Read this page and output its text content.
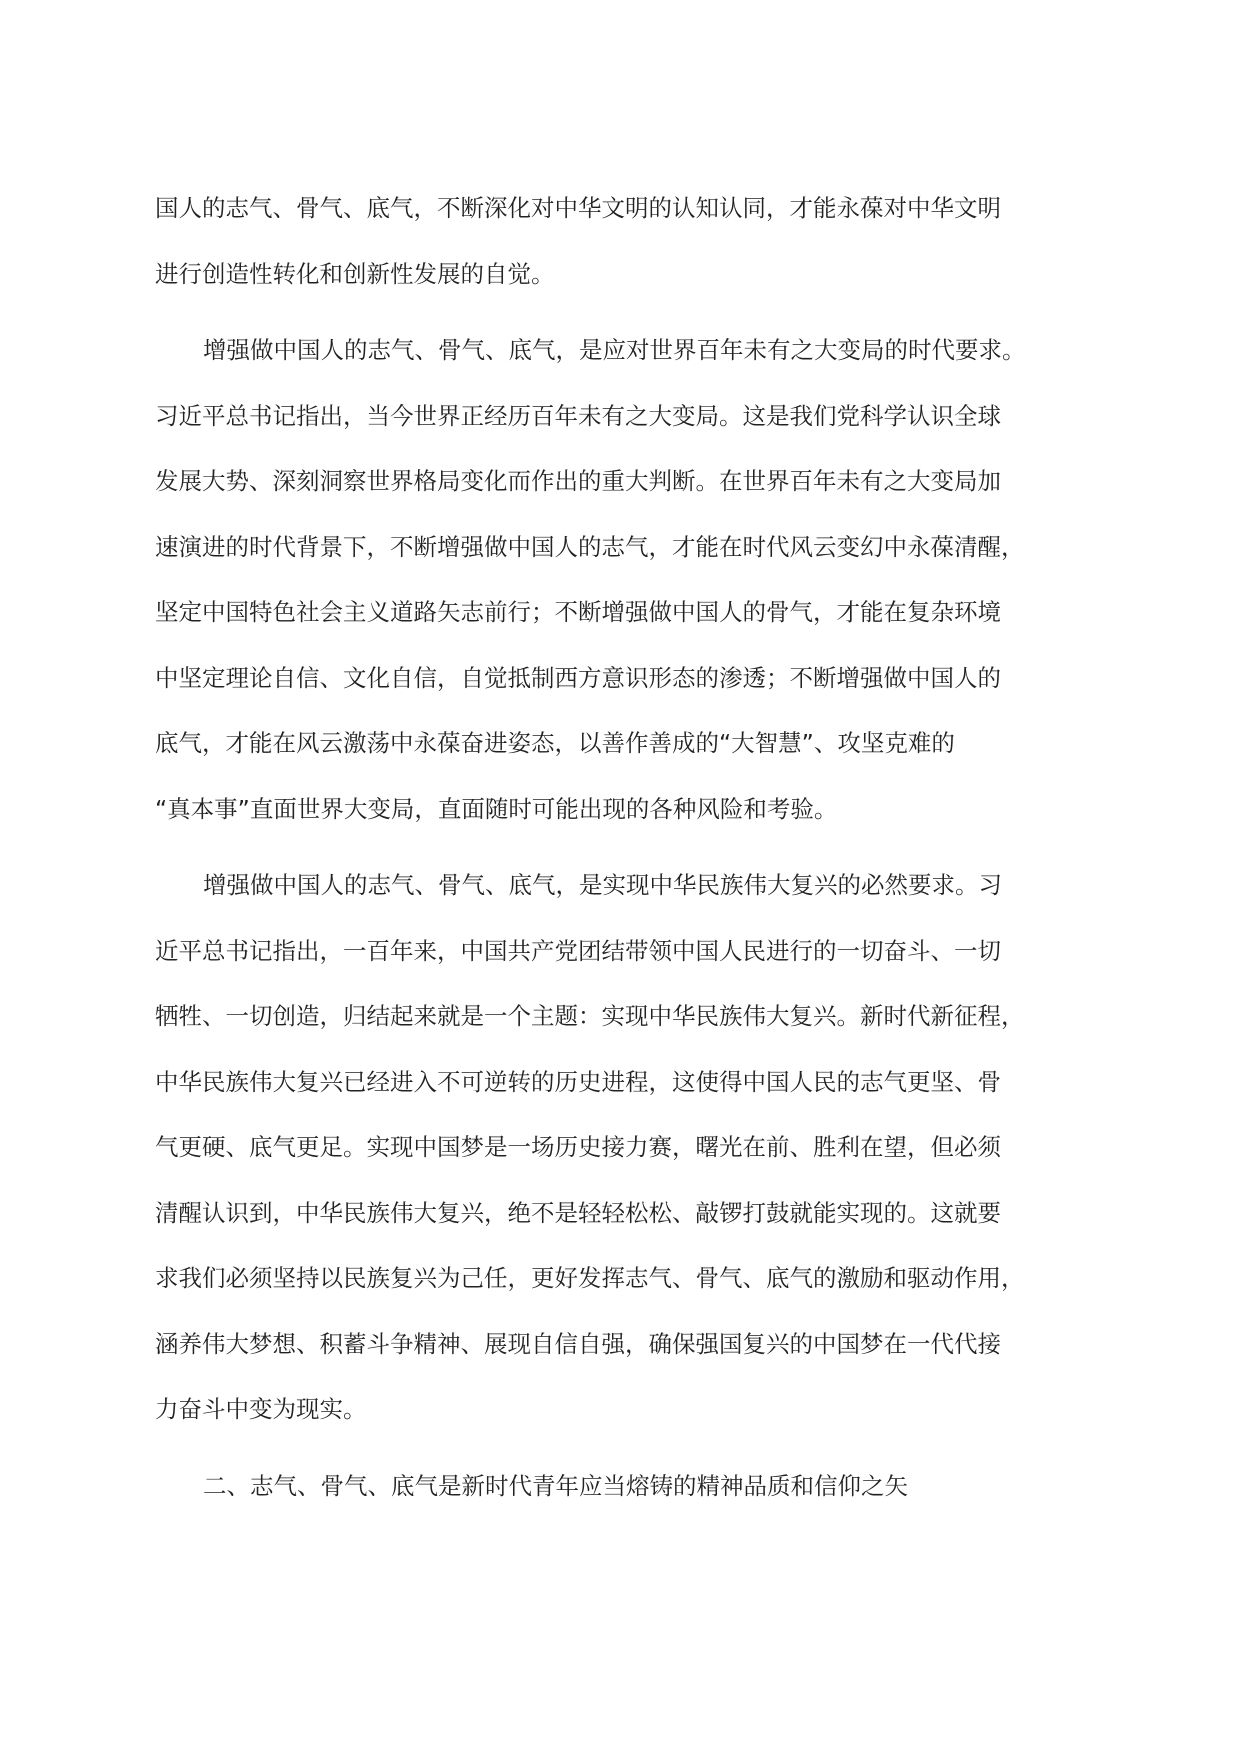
国人的志气、骨气、底气，不断深化对中华文明的认知认同，才能永葆对中华文明
进行创造性转化和创新性发展的自觉。
增强做中国人的志气、骨气、底气，是应对世界百年未有之大变局的时代要求。
习近平总书记指出，当今世界正经历百年未有之大变局。这是我们党科学认识全球
发展大势、深刻洞察世界格局变化而作出的重大判断。在世界百年未有之大变局加
速演进的时代背景下，不断增强做中国人的志气，才能在时代风云变幻中永葆清醒，
坚定中国特色社会主义道路矢志前行；不断增强做中国人的骨气，才能在复杂环境
中坚定理论自信、文化自信，自觉抵制西方意识形态的渗透；不断增强做中国人的
底气，才能在风云激荡中永葆奋进姿态，以善作善成的“大智慧”、攻坚克难的
“真本事”直面世界大变局，直面随时可能出现的各种风险和考验。
增强做中国人的志气、骨气、底气，是实现中华民族伟大复兴的必然要求。习
近平总书记指出，一百年来，中国共产党团结带领中国人民进行的一切奋斗、一切
牺牲、一切创造，归结起来就是一个主题：实现中华民族伟大复兴。新时代新征程，
中华民族伟大复兴已经进入不可逆转的历史进程，这使得中国人民的志气更坚、骨
气更硬、底气更足。实现中国梦是一场历史接力赛，曙光在前、胜利在望，但必须
清醒认识到，中华民族伟大复兴，绝不是轻轻松松、敲锣打鼓就能实现的。这就要
求我们必须坚持以民族复兴为己任，更好发挥志气、骨气、底气的激励和驱动作用，
涵养伟大梦想、积蓄斗争精神、展现自信自强，确保强国复兴的中国梦在一代代接
力奋斗中变为现实。
二、志气、骨气、底气是新时代青年应当熔铸的精神品质和信仰之矢
